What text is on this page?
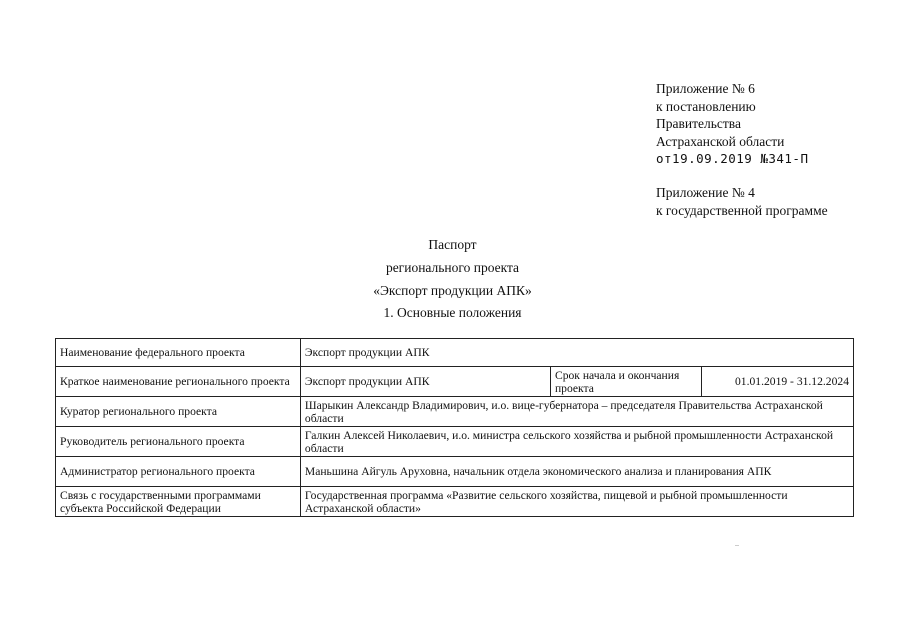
Приложение № 6
к постановлению
Правительства
Астраханской области
от19.09.2019 №341-П
Приложение № 4
к государственной программе
Паспорт
регионального проекта
«Экспорт продукции АПК»
1. Основные положения
Наименование федерального проекта	Экспорт продукции АПК		
Краткое наименование регионального проекта	Экспорт продукции АПК	Срок начала и окончания проекта	01.01.2019 - 31.12.2024
Куратор регионального проекта	Шарыкин Александр Владимирович, и.о. вице-губернатора – председателя Правительства Астраханской области		
Руководитель регионального проекта	Галкин Алексей Николаевич, и.о. министра сельского хозяйства и рыбной промышленности Астраханской области		
Администратор регионального проекта	Маньшина Айгуль Аруховна, начальник отдела экономического анализа и планирования АПК		
Связь с государственными программами субъекта Российской Федерации	Государственная программа «Развитие сельского хозяйства, пищевой и рыбной промышленности Астраханской области»		
